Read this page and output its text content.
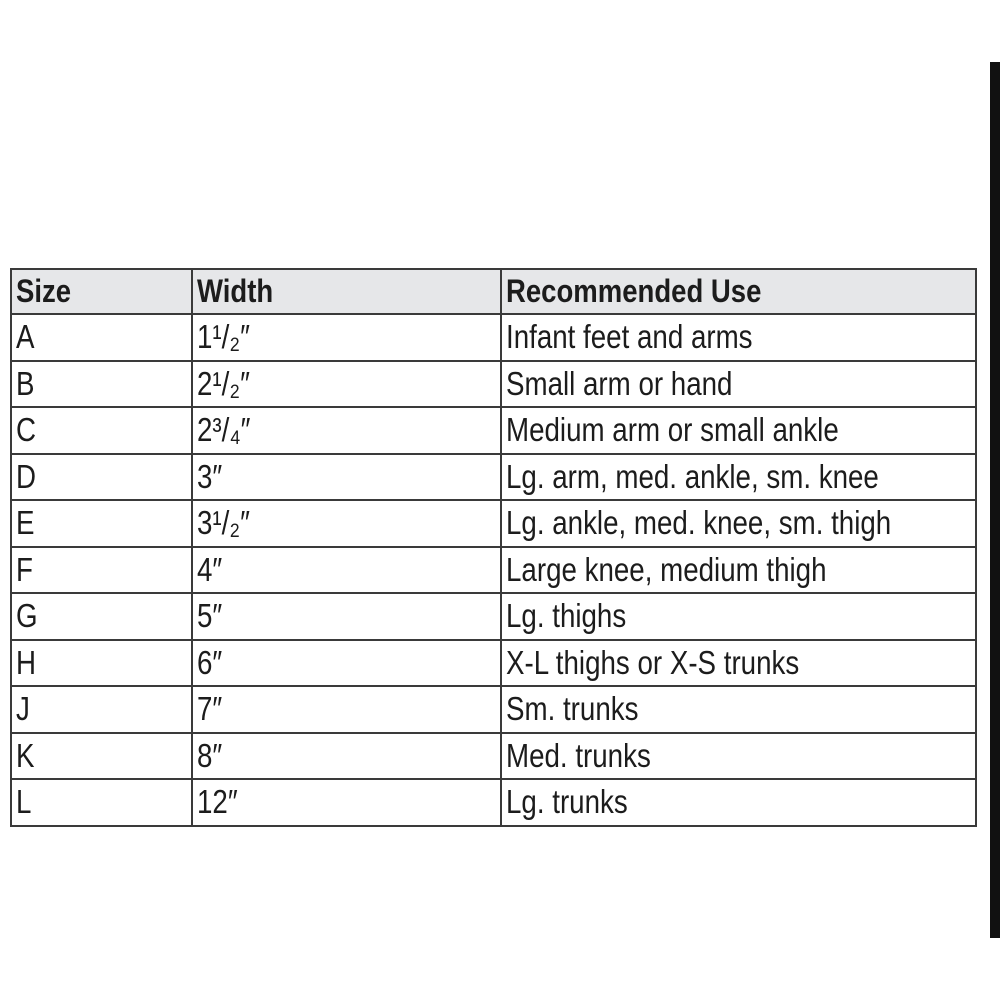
Size	Width	Recommended Use
A	1¹/₂″	Infant feet and arms
B	2¹/₂″	Small arm or hand
C	2³/₄″	Medium arm or small ankle
D	3″	Lg. arm, med. ankle, sm. knee
E	3¹/₂″	Lg. ankle, med. knee, sm. thigh
F	4″	Large knee, medium thigh
G	5″	Lg. thighs
H	6″	X-L thighs or X-S trunks
J	7″	Sm. trunks
K	8″	Med. trunks
L	12″	Lg. trunks
